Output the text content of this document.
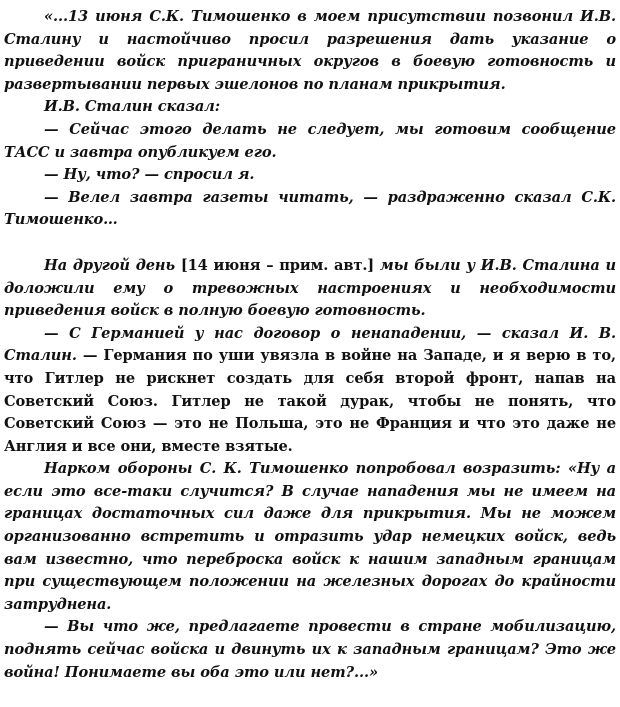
«...13 июня С.К. Тимошенко в моем присутствии позвонил И.В. Сталину и настойчиво просил разрешения дать указание о приведении войск приграничных округов в боевую готовность и развертывании первых эшелонов по планам прикрытия.

И.В. Сталин сказал:

— Сейчас этого делать не следует, мы готовим сообщение ТАСС и завтра опубликуем его.

— Ну, что? — спросил я.

— Велел завтра газеты читать, — раздраженно сказал С.К. Тимошенко…

На другой день [14 июня – прим. авт.] мы были у И.В. Сталина и доложили ему о тревожных настроениях и необходимости приведения войск в полную боевую готовность.

— С Германией у нас договор о ненападении, — сказал И. В. Сталин. — Германия по уши увязла в войне на Западе, и я верю в то, что Гитлер не рискнет создать для себя второй фронт, напав на Советский Союз. Гитлер не такой дурак, чтобы не понять, что Советский Союз — это не Польша, это не Франция и что это даже не Англия и все они, вместе взятые.

Нарком обороны С. К. Тимошенко попробовал возразить: «Ну а если это все-таки случится? В случае нападения мы не имеем на границах достаточных сил даже для прикрытия. Мы не можем организованно встретить и отразить удар немецких войск, ведь вам известно, что переброска войск к нашим западным границам при существующем положении на железных дорогах до крайности затруднена.

— Вы что же, предлагаете провести в стране мобилизацию, поднять сейчас войска и двинуть их к западным границам? Это же война! Понимаете вы оба это или нет?...»
